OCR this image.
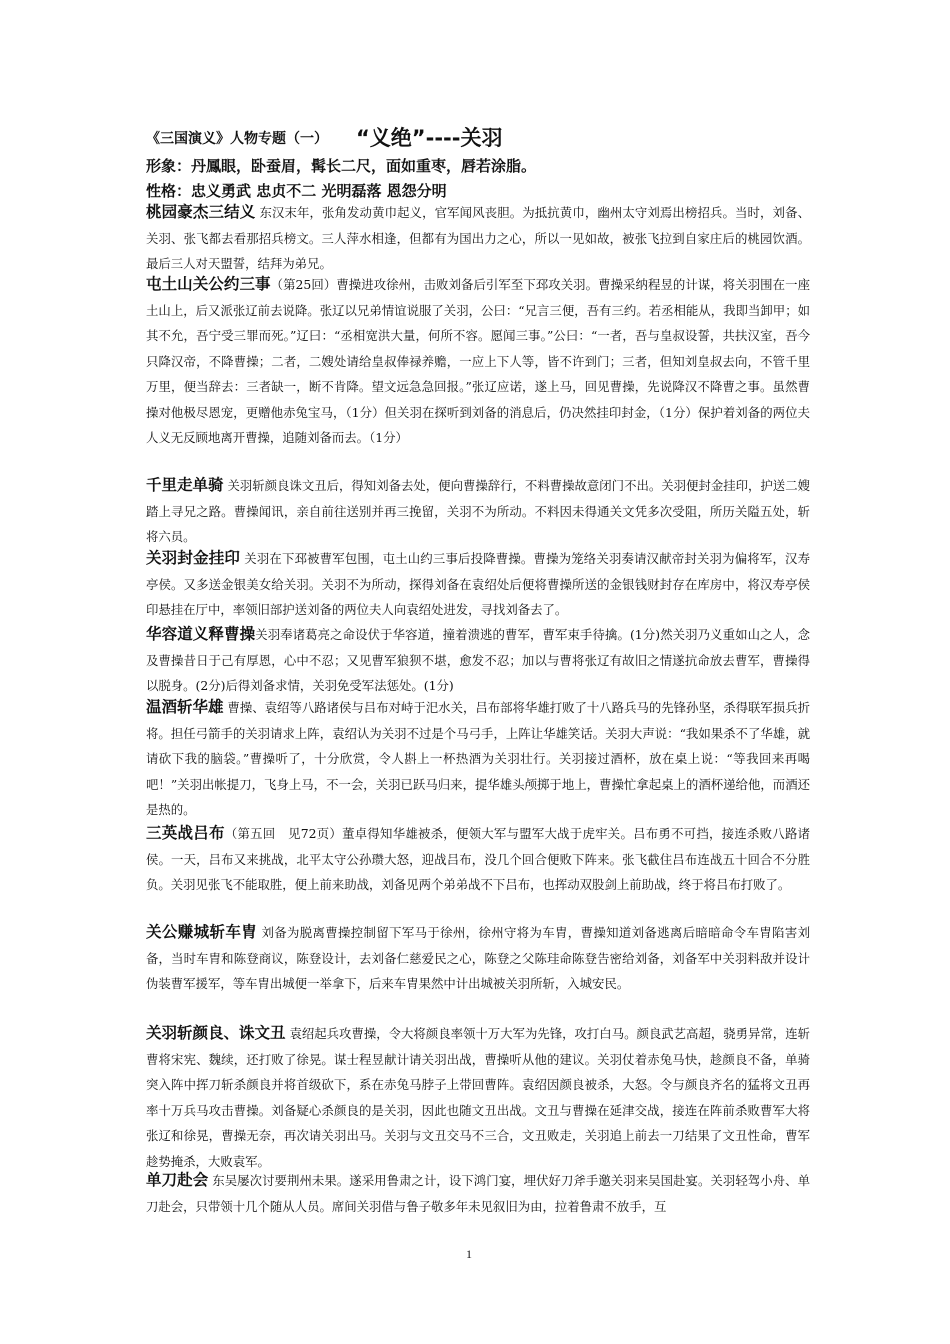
《三国演义》人物专题（一） “义绝”----关羽
形象：丹鳳眼，卧蚕眉，髯长二尺，面如重枣，唇若涂脂。
性格：忠义勇武 忠贞不二 光明磊落 恩怨分明
桃园豪杰三结义 东汉末年，张角发动黄巾起义，官军闻风丧胆。为抵抗黄巾，幽州太守刘焉出榜招兵。当时，刘备、关羽、张飞都去看那招兵榜文。三人萍水相逢，但都有为国出力之心，所以一见如故，被张飞拉到自家庄后的桃园饮酒。最后三人对天盟誓，结拜为弟兄。
屯土山关公约三事（第25回）曹操进攻徐州，击败刘备后引军至下邳攻关羽。曹操采纳程昱的计谋，将关羽围在一座土山上，后又派张辽前去说降。张辽以兄弟情谊说服了关羽，公曰：“兄言三便，吾有三约。若丞相能从，我即当卸甲；如其不允，吾宁受三罪而死。”辽曰：“丞相宽洪大量，何所不容。愿闻三事。”公曰：“一者，吾与皇叔设誓，共扶汉室，吾今只降汉帝，不降曹操；二者，二嫂处请给皇叔俸禄养赡，一应上下人等，皆不许到门；三者，但知刘皇叔去向，不管千里万里，便当辞去：三者缺一，断不肯降。望文远急急回报。”张辽应诺，遂上马，回见曹操，先说降汉不降曹之事。虽然曹操对他极尽恩宠，更赠他赤兔宝马，（1分）但关羽在探听到刘备的消息后，仍决然挂印封金，（1分）保护着刘备的两位夫人义无反顾地离开曹操，追随刘备而去。（1分）
千里走单骑 关羽斩颜良诛文丑后，得知刘备去处，便向曹操辞行，不料曹操故意闭门不出。关羽便封金挂印，护送二嫂踏上寻兄之路。曹操闻讯，亲自前往送别并再三挽留，关羽不为所动。不料因未得通关文凭多次受阻，所历关隘五处，斩将六员。
关羽封金挂印 关羽在下邳被曹军包围，屯土山约三事后投降曹操。曹操为笼络关羽奏请汉献帝封关羽为偏将军，汉寿亭侯。又多送金银美女给关羽。关羽不为所动，探得刘备在袁绍处后便将曹操所送的金银钱财封存在库房中，将汉寿亭侯印悬挂在厅中，率领旧部护送刘备的两位夫人向袁绍处进发，寻找刘备去了。
华容道义释曹操关羽奉诸葛亮之命设伏于华容道，撞着溃逃的曹军，曹军束手待擒。(1分)然关羽乃义重如山之人，念及曹操昔日于己有厚恩，心中不忍；又见曹军狼狈不堪，愈发不忍；加以与曹将张辽有故旧之情遂抗命放去曹军，曹操得以脱身。(2分)后得刘备求情，关羽免受军法惩处。(1分)
温酒斩华雄 曹操、袁绍等八路诸侯与吕布对峙于汜水关，吕布部将华雄打败了十八路兵马的先锋孙坚，杀得联军损兵折将。担任弓箭手的关羽请求上阵，袁绍认为关羽不过是个马弓手，上阵让华雄笑话。关羽大声说：“我如果杀不了华雄，就请砍下我的脑袋。”曹操听了，十分欣赏，令人斟上一杯热酒为关羽壮行。关羽接过酒杯，放在桌上说：“等我回来再喝吧！”关羽出帐提刀，飞身上马，不一会，关羽已跃马归来，提华雄头颅掷于地上，曹操忙拿起桌上的酒杯递给他，而酒还是热的。
三英战吕布（第五回　见72页）董卓得知华雄被杀，便领大军与盟军大战于虎牢关。吕布勇不可挡，接连杀败八路诸侯。一天，吕布又来挑战，北平太守公孙瓒大怒，迎战吕布，没几个回合便败下阵来。张飞截住吕布连战五十回合不分胜负。关羽见张飞不能取胜，便上前来助战，刘备见两个弟弟战不下吕布，也挥动双股剑上前助战，终于将吕布打败了。
关公赚城斩车胄 刘备为脱离曹操控制留下军马于徐州，徐州守将为车胄，曹操知道刘备逃离后暗暗命令车胄陷害刘备，当时车胄和陈登商议，陈登设计，去刘备仁慈爱民之心，陈登之父陈珪命陈登告密给刘备，刘备军中关羽料敌并设计伪装曹军援军，等车胄出城便一举拿下，后来车胄果然中计出城被关羽所斩，入城安民。
关羽斩颜良、诛文丑 袁绍起兵攻曹操，令大将颜良率领十万大军为先锋，攻打白马。颜良武艺高超，骁勇异常，连斩曹将宋宪、魏续，还打败了徐晃。谋士程昱献计请关羽出战，曹操听从他的建议。关羽仗着赤兔马快，趁颜良不备，单骑突入阵中挥刀斩杀颜良并将首级砍下，系在赤兔马脖子上带回曹阵。袁绍因颜良被杀，大怒。令与颜良齐名的猛将文丑再率十万兵马攻击曹操。刘备疑心杀颜良的是关羽，因此也随文丑出战。文丑与曹操在延津交战，接连在阵前杀败曹军大将张辽和徐晃，曹操无奈，再次请关羽出马。关羽与文丑交马不三合，文丑败走，关羽追上前去一刀结果了文丑性命，曹军趁势掩杀，大败袁军。
单刀赴会 东吴屡次讨要荆州未果。遂采用鲁肃之计，设下鸿门宴，埋伏好刀斧手邀关羽来吴国赴宴。关羽轻驾小舟、单刀赴会，只带领十几个随从人员。席间关羽借与鲁子敬多年未见叙旧为由，拉着鲁肃不放手，互
1
